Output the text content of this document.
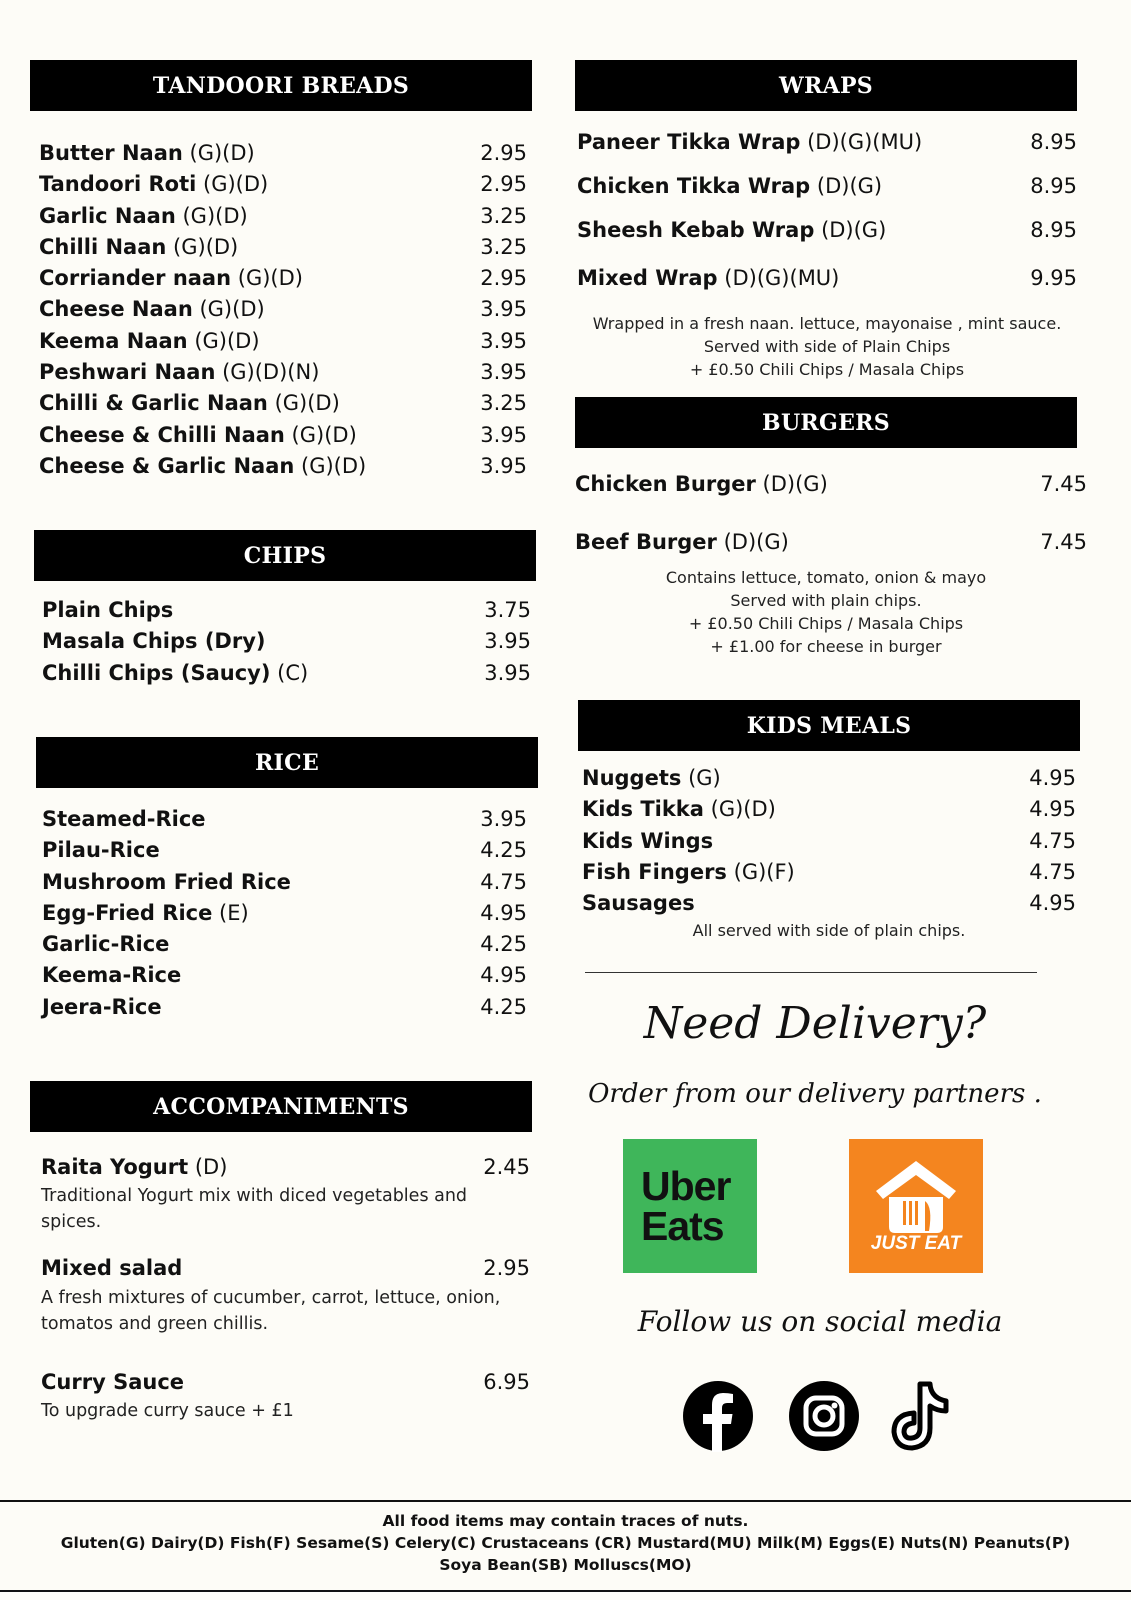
TANDOORI BREADS
Butter Naan (G)(D)	2.95
Tandoori Roti (G)(D)	2.95
Garlic Naan (G)(D)	3.25
Chilli Naan (G)(D)	3.25
Corriander naan (G)(D)	2.95
Cheese Naan (G)(D)	3.95
Keema Naan (G)(D)	3.95
Peshwari Naan (G)(D)(N)	3.95
Chilli & Garlic Naan (G)(D)	3.25
Cheese & Chilli Naan (G)(D)	3.95
Cheese & Garlic Naan (G)(D)	3.95
CHIPS
Plain Chips	3.75
Masala Chips (Dry)	3.95
Chilli Chips (Saucy) (C)	3.95
RICE
Steamed-Rice	3.95
Pilau-Rice	4.25
Mushroom Fried Rice	4.75
Egg-Fried Rice (E)	4.95
Garlic-Rice	4.25
Keema-Rice	4.95
Jeera-Rice	4.25
ACCOMPANIMENTS
Raita Yogurt (D)	2.45
Traditional Yogurt mix with diced vegetables and spices.
Mixed salad	2.95
A fresh mixtures of cucumber, carrot, lettuce, onion, tomatos and green chillis.
Curry Sauce	6.95
To upgrade curry sauce + £1
WRAPS
Paneer Tikka Wrap (D)(G)(MU)	8.95
Chicken Tikka Wrap (D)(G)	8.95
Sheesh Kebab Wrap (D)(G)	8.95
Mixed Wrap (D)(G)(MU)	9.95
Wrapped in a fresh naan. lettuce, mayonaise , mint sauce.
Served with side of Plain Chips
+ £0.50 Chili Chips / Masala Chips
BURGERS
Chicken Burger (D)(G)	7.45
Beef Burger (D)(G)	7.45
Contains lettuce, tomato, onion & mayo
Served with plain chips.
+ £0.50 Chili Chips / Masala Chips
+ £1.00 for cheese in burger
KIDS MEALS
Nuggets (G)	4.95
Kids Tikka (G)(D)	4.95
Kids Wings	4.75
Fish Fingers (G)(F)	4.75
Sausages	4.95
All served with side of plain chips.
Need Delivery?
Order from our delivery partners .
Uber
Eats	JUST EAT
Follow us on social media
All food items may contain traces of nuts.
Gluten(G) Dairy(D) Fish(F) Sesame(S) Celery(C) Crustaceans (CR) Mustard(MU) Milk(M) Eggs(E) Nuts(N) Peanuts(P)
Soya Bean(SB) Molluscs(MO)
